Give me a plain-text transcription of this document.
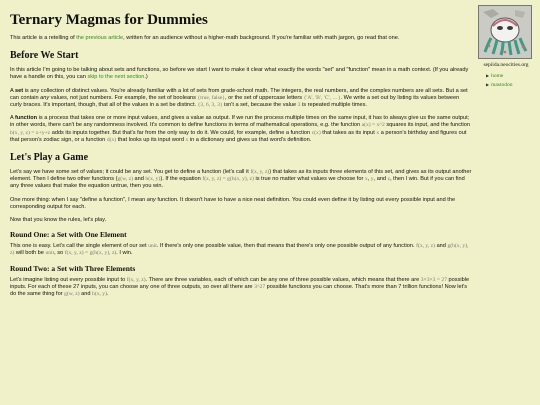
Ternary Magmas for Dummies

This article is a retelling of the previous article, written for an audience without a higher-math background. If you're familiar with math jargon, go read that one.

Before We Start

In this article I'm going to be talking about sets and functions, so before we start I want to make it clear what exactly the words "set" and "function" mean in a math context. (If you already have a handle on this, you can skip to the next section.)

A set is any collection of distinct values. You're already familiar with a lot of sets from grade-school math. The integers, the real numbers, and the complex numbers are all sets. But a set can contain any values, not just numbers. For example, the set of booleans {true, false}, or the set of uppercase letters {'A', 'B', 'C', …}. We write a set out by listing its values between curly braces. It's important, though, that all of the values in a set be distinct. {3, 6, 3, 3} isn't a set, because the value 3 is repeated multiple times.

A function is a process that takes one or more input values, and gives a value as output. If we run the process multiple times on the same input, it has to always give us the same output; in other words, there can't be any randomness involved. It's common to define functions in terms of mathematical operations, e.g. the function a(x) = x^2 squares its input, and the function b(x, y, z) = x+y+z adds its inputs together. But that's far from the only way to do it. We could, for example, define a function c(x) that takes as its input x a person's birthday and figures out that person's zodiac sign, or a function d(x) that looks up its input word x in a dictionary and gives us that word's definition.

Let's Play a Game

Let's say we have some set of values; it could be any set. You get to define a function (let's call it f(x, y, z)) that takes as its inputs three elements of this set, and gives as its output another element. Then I define two other functions (g(w, z) and h(x, y)). If the equation f(x, y, z) = g(h(x, y), z) is true no matter what values we choose for x, y, and z, then I win. But if you can find any three values that make the equation untrue, then you win.

One more thing: when I say "define a function", I mean any function. It doesn't have to have a nice neat definition. You could even define it by listing out every possible input and the corresponding output for each.

Now that you know the rules, let's play.

Round One: a Set with One Element

This one is easy. Let's call the single element of our set unit. If there's only one possible value, then that means that there's only one possible output of any function. f(x, y, z) and g(h(x, y), z) will both be unit, so f(x, y, z) = g(h(x, y), z). I win.

Round Two: a Set with Three Elements

Let's imagine listing out every possible input to f(x, y, z). There are three variables, each of which can be any one of three possible values, which means that there are 3×3×3 = 27 possible inputs. For each of these 27 inputs, you can choose any one of three outputs, so over all there are 3^27 possible functions you can choose. That's more than 7 trillion functions! Now let's do the same thing for g(w, z) and h(x, y).

sepiida.neocities.org
▶ home
▶ mastodon
